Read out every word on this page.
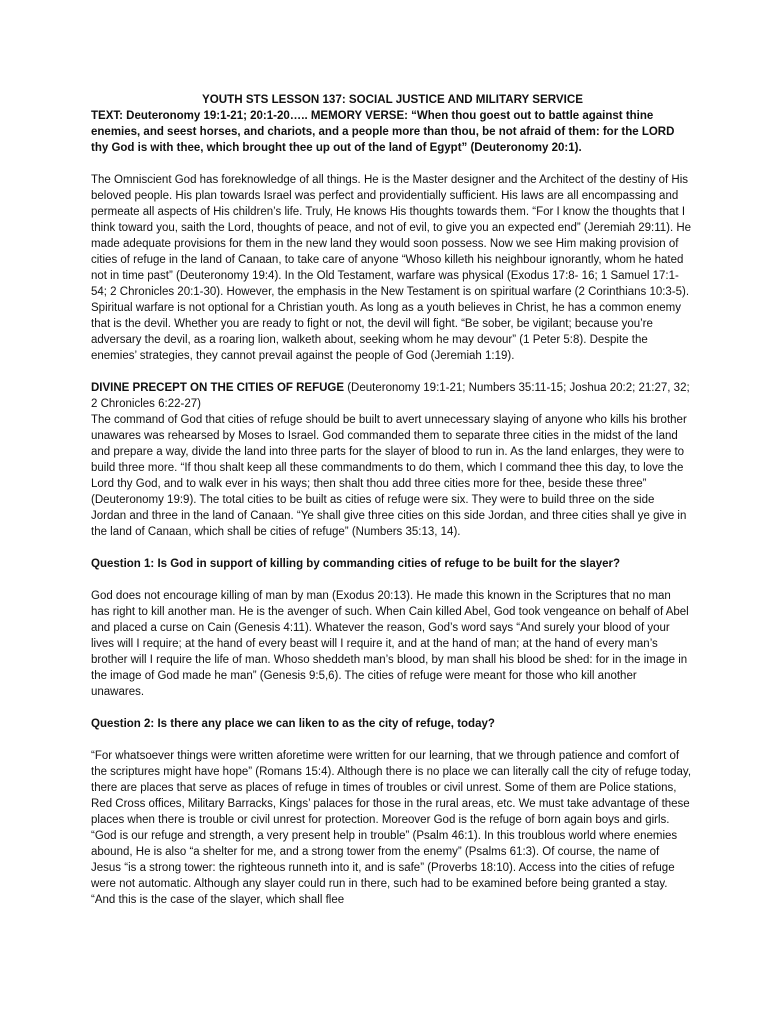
YOUTH STS LESSON 137: SOCIAL JUSTICE AND MILITARY SERVICE

TEXT: Deuteronomy 19:1-21; 20:1-20….. MEMORY VERSE: “When thou goest out to battle against thine enemies, and seest horses, and chariots, and a people more than thou, be not afraid of them: for the LORD thy God is with thee, which brought thee up out of the land of Egypt” (Deuteronomy 20:1).

The Omniscient God has foreknowledge of all things. He is the Master designer and the Architect of the destiny of His beloved people. His plan towards Israel was perfect and providentially sufficient. His laws are all encompassing and permeate all aspects of His children’s life. Truly, He knows His thoughts towards them. “For I know the thoughts that I think toward you, saith the Lord, thoughts of peace, and not of evil, to give you an expected end” (Jeremiah 29:11). He made adequate provisions for them in the new land they would soon possess. Now we see Him making provision of cities of refuge in the land of Canaan, to take care of anyone “Whoso killeth his neighbour ignorantly, whom he hated not in time past” (Deuteronomy 19:4). In the Old Testament, warfare was physical (Exodus 17:8- 16; 1 Samuel 17:1-54; 2 Chronicles 20:1-30). However, the emphasis in the New Testament is on spiritual warfare (2 Corinthians 10:3-5). Spiritual warfare is not optional for a Christian youth. As long as a youth believes in Christ, he has a common enemy that is the devil. Whether you are ready to fight or not, the devil will fight. “Be sober, be vigilant; because you’re adversary the devil, as a roaring lion, walketh about, seeking whom he may devour” (1 Peter 5:8). Despite the enemies’ strategies, they cannot prevail against the people of God (Jeremiah 1:19).

DIVINE PRECEPT ON THE CITIES OF REFUGE (Deuteronomy 19:1-21; Numbers 35:11-15; Joshua 20:2; 21:27, 32; 2 Chronicles 6:22-27)

The command of God that cities of refuge should be built to avert unnecessary slaying of anyone who kills his brother unawares was rehearsed by Moses to Israel. God commanded them to separate three cities in the midst of the land and prepare a way, divide the land into three parts for the slayer of blood to run in. As the land enlarges, they were to build three more. “If thou shalt keep all these commandments to do them, which I command thee this day, to love the Lord thy God, and to walk ever in his ways; then shalt thou add three cities more for thee, beside these three” (Deuteronomy 19:9). The total cities to be built as cities of refuge were six. They were to build three on the side Jordan and three in the land of Canaan. “Ye shall give three cities on this side Jordan, and three cities shall ye give in the land of Canaan, which shall be cities of refuge” (Numbers 35:13, 14).

Question 1: Is God in support of killing by commanding cities of refuge to be built for the slayer?

God does not encourage killing of man by man (Exodus 20:13). He made this known in the Scriptures that no man has right to kill another man. He is the avenger of such. When Cain killed Abel, God took vengeance on behalf of Abel and placed a curse on Cain (Genesis 4:11). Whatever the reason, God’s word says “And surely your blood of your lives will I require; at the hand of every beast will I require it, and at the hand of man; at the hand of every man’s brother will I require the life of man. Whoso sheddeth man’s blood, by man shall his blood be shed: for in the image in the image of God made he man” (Genesis 9:5,6). The cities of refuge were meant for those who kill another unawares.

Question 2: Is there any place we can liken to as the city of refuge, today?

“For whatsoever things were written aforetime were written for our learning, that we through patience and comfort of the scriptures might have hope” (Romans 15:4). Although there is no place we can literally call the city of refuge today, there are places that serve as places of refuge in times of troubles or civil unrest. Some of them are Police stations, Red Cross offices, Military Barracks, Kings’ palaces for those in the rural areas, etc. We must take advantage of these places when there is trouble or civil unrest for protection. Moreover God is the refuge of born again boys and girls. “God is our refuge and strength, a very present help in trouble” (Psalm 46:1). In this troublous world where enemies abound, He is also “a shelter for me, and a strong tower from the enemy” (Psalms 61:3). Of course, the name of Jesus “is a strong tower: the righteous runneth into it, and is safe” (Proverbs 18:10). Access into the cities of refuge were not automatic. Although any slayer could run in there, such had to be examined before being granted a stay. “And this is the case of the slayer, which shall flee
